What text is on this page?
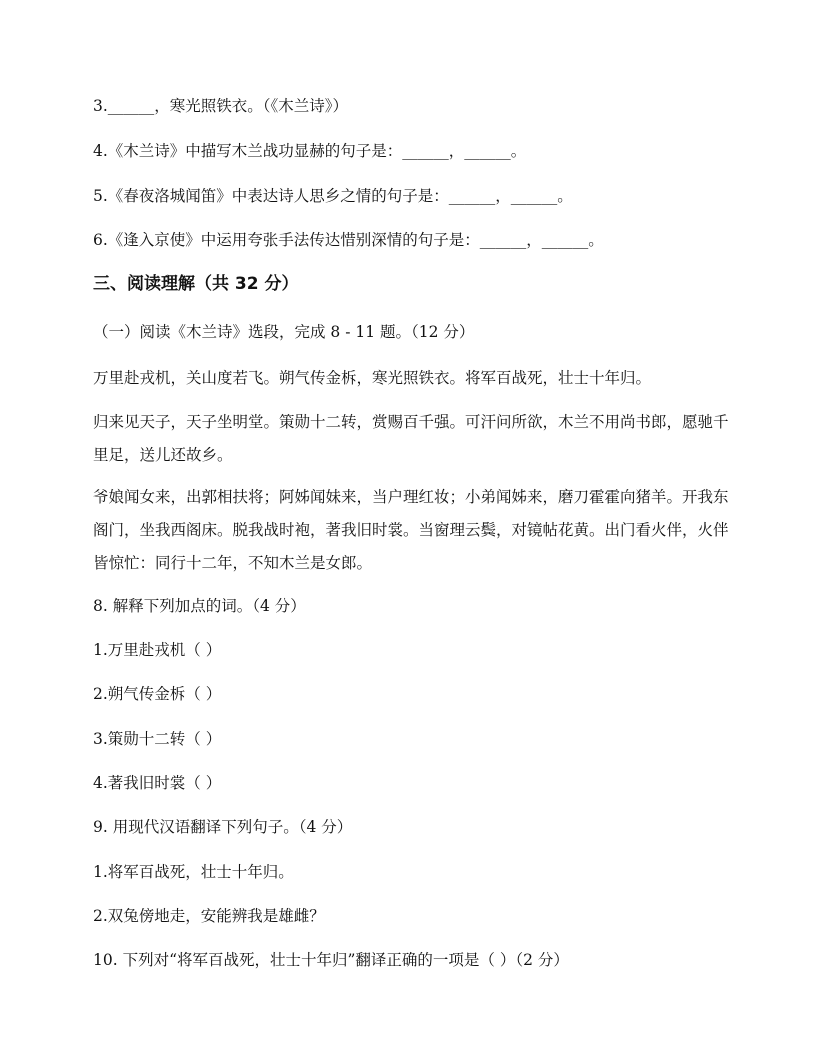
3.______，寒光照铁衣。（《木兰诗》）
4.《木兰诗》中描写木兰战功显赫的句子是：______，______。
5.《春夜洛城闻笛》中表达诗人思乡之情的句子是：______，______。
6.《逢入京使》中运用夸张手法传达惜别深情的句子是：______，______。
三、阅读理解（共 32 分）
（一）阅读《木兰诗》选段，完成 8 - 11 题。（12 分）
万里赴戎机，关山度若飞。朔气传金柝，寒光照铁衣。将军百战死，壮士十年归。
归来见天子，天子坐明堂。策勋十二转，赏赐百千强。可汗问所欲，木兰不用尚书郎，愿驰千里足，送儿还故乡。
爷娘闻女来，出郭相扶将；阿姊闻妹来，当户理红妆；小弟闻姊来，磨刀霍霍向猪羊。开我东阁门，坐我西阁床。脱我战时袍，著我旧时裳。当窗理云鬓，对镜帖花黄。出门看火伴，火伴皆惊忙：同行十二年，不知木兰是女郎。
8. 解释下列加点的词。（4 分）
1.万里赴戎机（ ）
2.朔气传金柝（ ）
3.策勋十二转（ ）
4.著我旧时裳（ ）
9. 用现代汉语翻译下列句子。（4 分）
1.将军百战死，壮士十年归。
2.双兔傍地走，安能辨我是雄雌？
10. 下列对“将军百战死，壮士十年归”翻译正确的一项是（ ）（2 分）
